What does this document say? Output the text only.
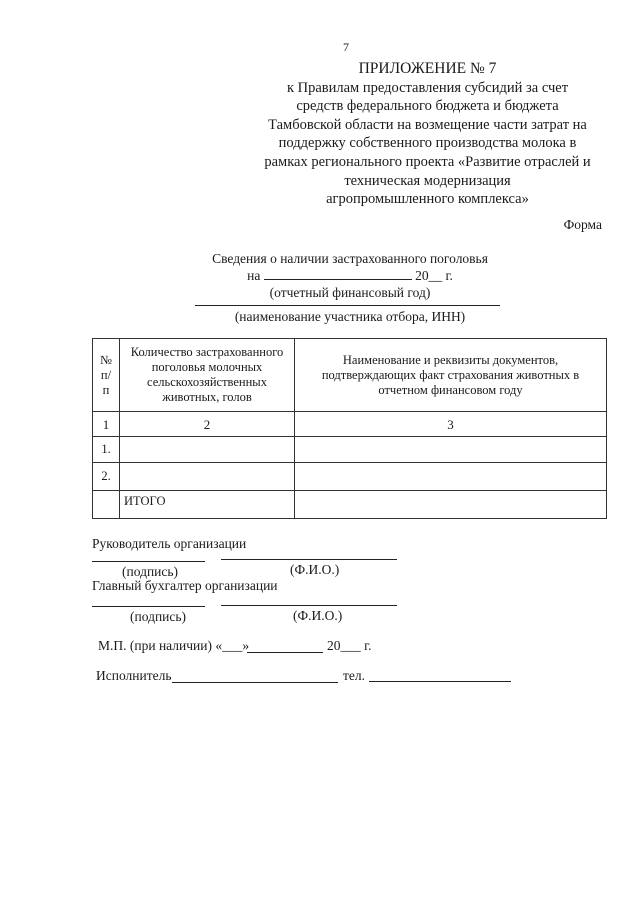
7
ПРИЛОЖЕНИЕ № 7
к Правилам предоставления субсидий за счет
средств федерального бюджета и бюджета
Тамбовской области на возмещение части затрат на
поддержку собственного производства молока в
рамках регионального проекта «Развитие отраслей и
техническая модернизация
агропромышленного комплекса»
Форма
Сведения о наличии застрахованного поголовья
на	20__ г.
(отчетный финансовый год)
(наименование участника отбора, ИНН)
№ п/п	Количество застрахованного поголовья молочных сельскохозяйственных животных, голов	Наименование и реквизиты документов, подтверждающих факт страхования животных в отчетном финансовом году
1	2	3
1.		
2.		
	ИТОГО	
Руководитель организации
(подпись)	(Ф.И.О.)
Главный бухгалтер организации
(подпись)	(Ф.И.О.)
М.П. (при наличии) «___»	20___ г.
Исполнитель	тел.
